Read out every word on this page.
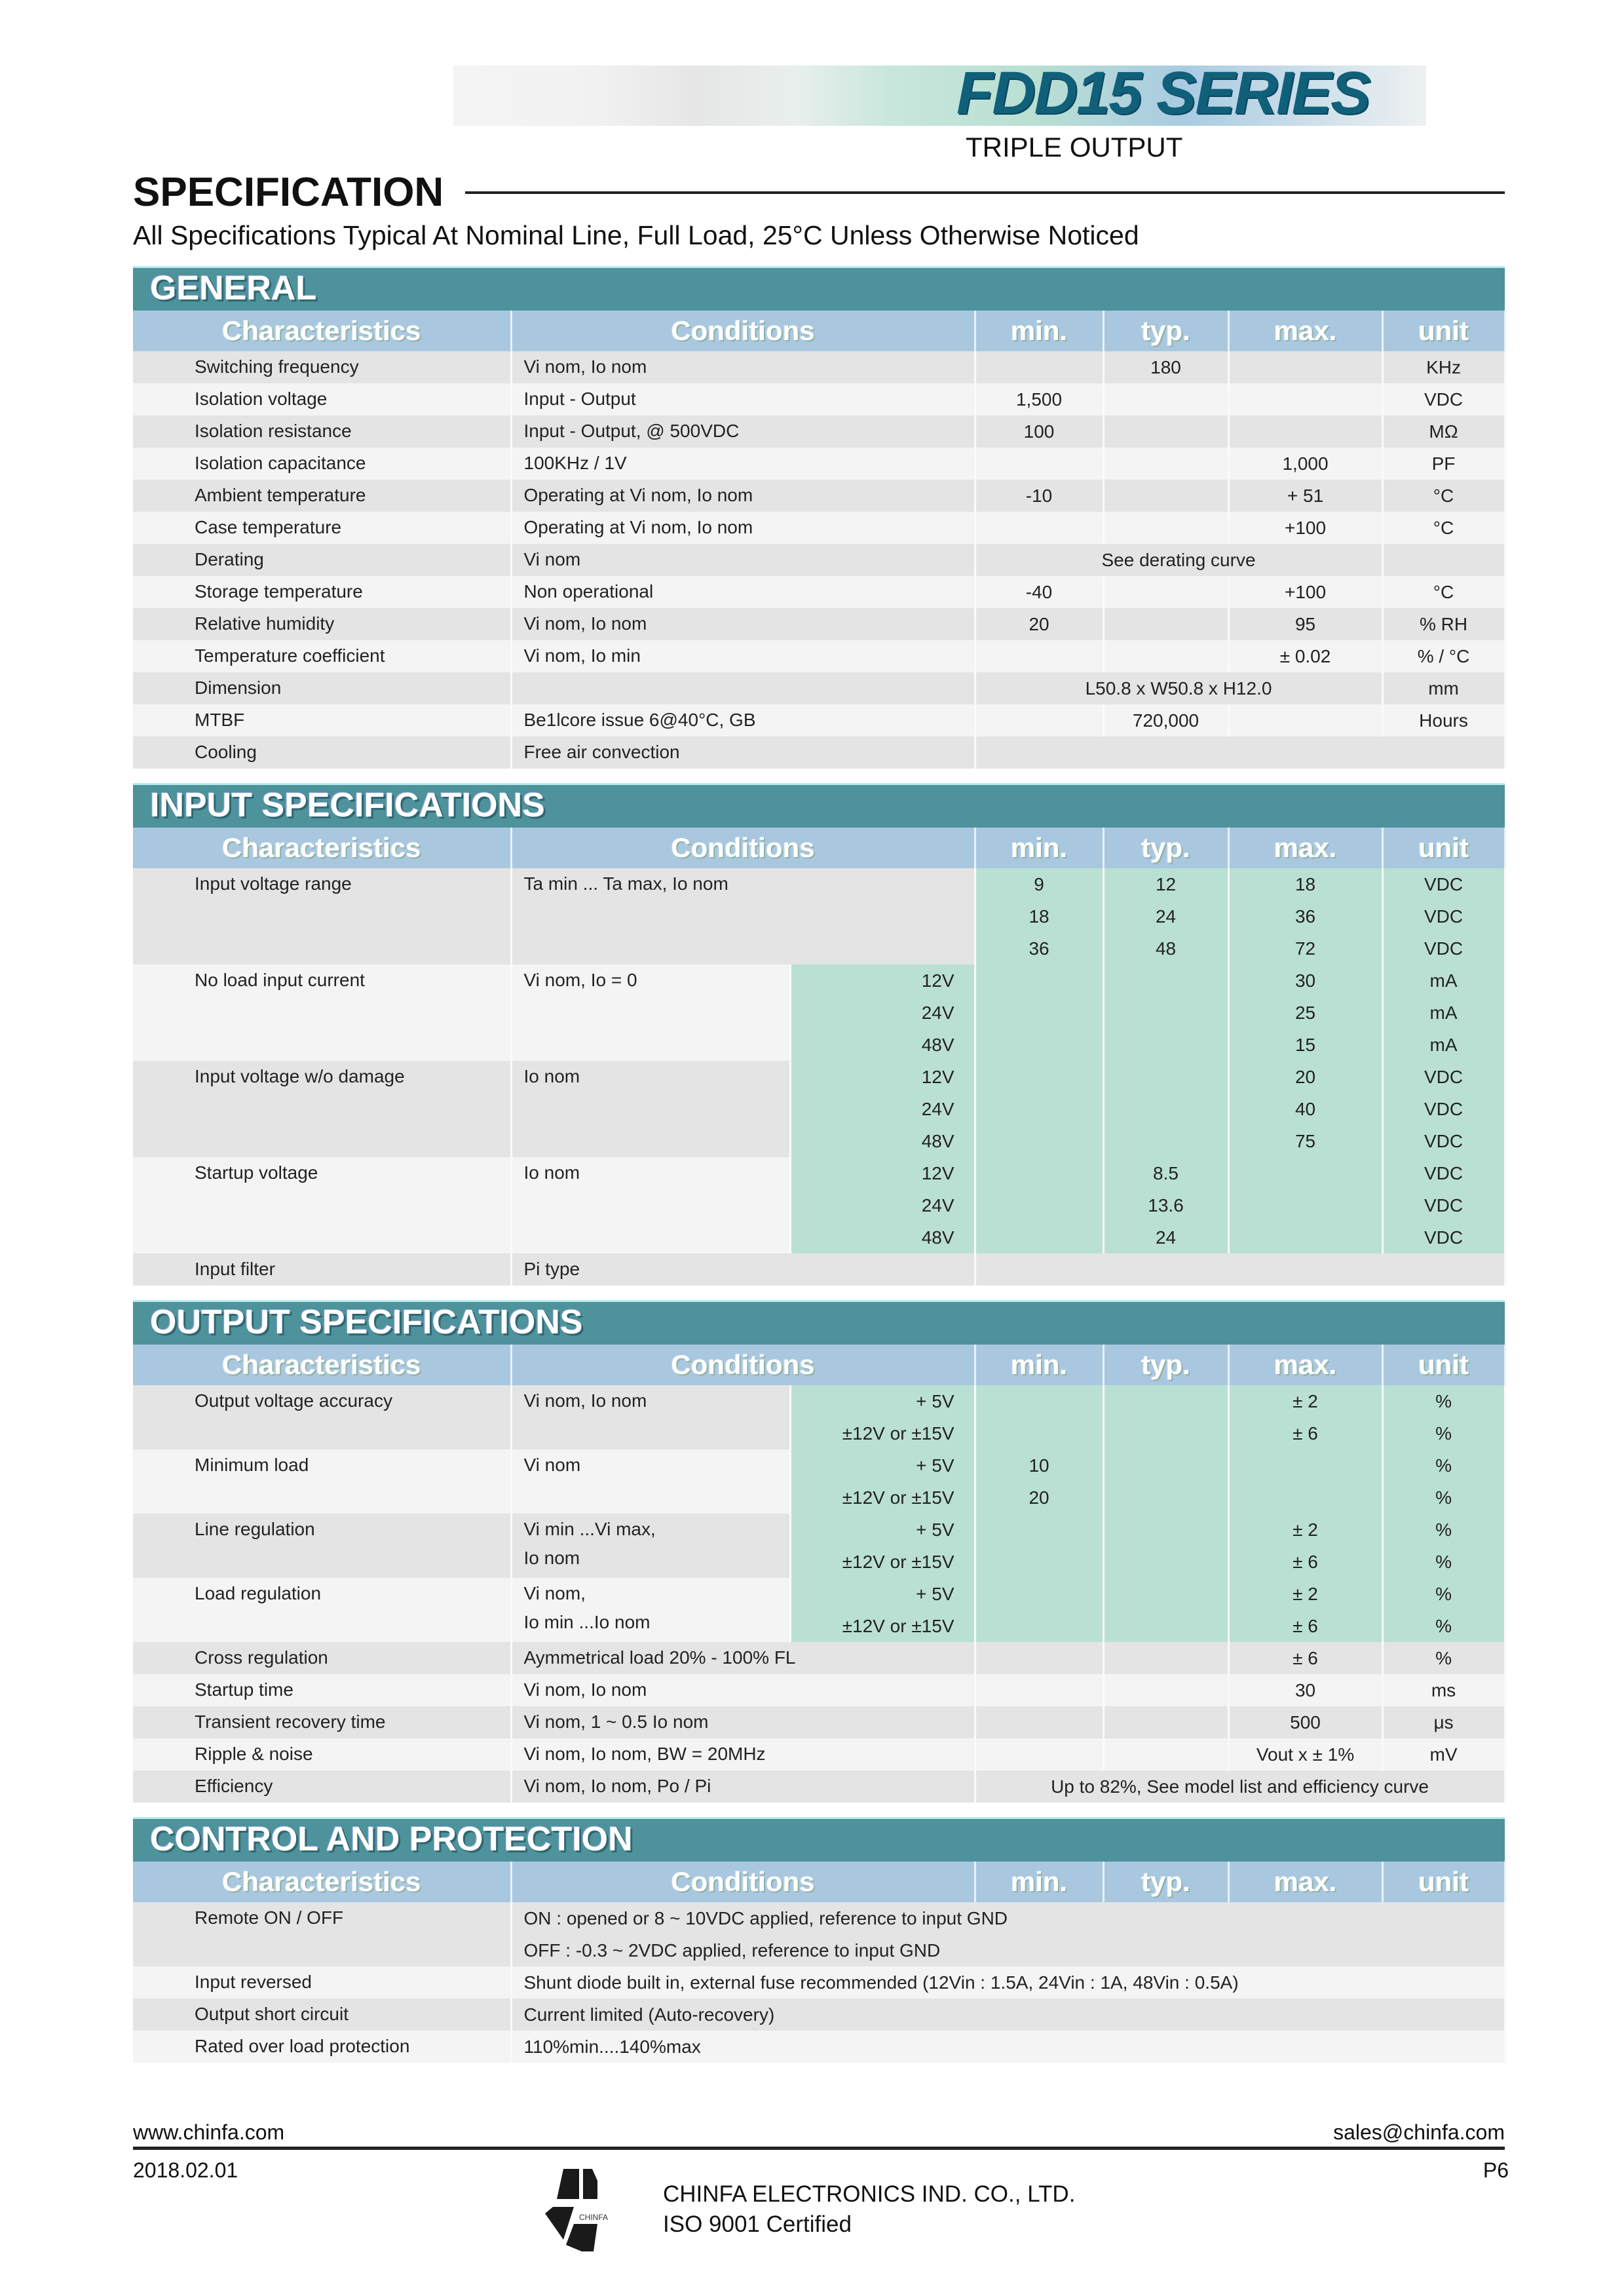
FDD15 SERIES
TRIPLE OUTPUT
SPECIFICATION
All Specifications Typical At Nominal Line, Full Load, 25°C Unless Otherwise Noticed
GENERAL
Characteristics	Conditions	min.	typ.	max.	unit
Switching frequency	Vi nom, Io nom		180		KHz
Isolation voltage	Input - Output	1,500			VDC
Isolation resistance	Input - Output, @ 500VDC	100			MΩ
Isolation capacitance	100KHz / 1V			1,000	PF
Ambient temperature	Operating at Vi nom, Io nom	-10		+ 51	°C
Case temperature	Operating at Vi nom, Io nom			+100	°C
Derating	Vi nom	See derating curve			
Storage temperature	Non operational	-40		+100	°C
Relative humidity	Vi nom, Io nom	20		95	% RH
Temperature coefficient	Vi nom, Io min			± 0.02	% / °C
Dimension		L50.8 x W50.8 x H12.0			mm
MTBF	Be1lcore issue 6@40°C, GB		720,000		Hours
Cooling	Free air convection				
INPUT SPECIFICATIONS
Characteristics	Conditions		min.	typ.	max.	unit
Input voltage range	Ta min ... Ta max, Io nom		9	12	18	VDC
			18	24	36	VDC
			36	48	72	VDC
No load input current	Vi nom, Io = 0	12V			30	mA
		24V			25	mA
		48V			15	mA
Input voltage w/o damage	Io nom	12V			20	VDC
		24V			40	VDC
		48V			75	VDC
Startup voltage	Io nom	12V		8.5		VDC
		24V		13.6		VDC
		48V		24		VDC
Input filter	Pi type					
OUTPUT SPECIFICATIONS
Characteristics	Conditions		min.	typ.	max.	unit
Output voltage accuracy	Vi nom, Io nom	+ 5V			± 2	%
		±12V or ±15V			± 6	%
Minimum load	Vi nom	+ 5V	10			%
		±12V or ±15V	20			%
Line regulation	Vi min ...Vi max,
Io nom	+ 5V			± 2	%
		±12V or ±15V			± 6	%
Load regulation	Vi nom,
Io min ...Io nom	+ 5V			± 2	%
		±12V or ±15V			± 6	%
Cross regulation	Aymmetrical load 20% - 100% FL				± 6	%
Startup time	Vi nom, Io nom				30	ms
Transient recovery time	Vi nom, 1 ~ 0.5 Io nom				500	μs
Ripple & noise	Vi nom, Io nom, BW = 20MHz				Vout x ± 1%	mV
Efficiency	Vi nom, Io nom, Po / Pi		Up to 82%, See model list and efficiency curve			
CONTROL AND PROTECTION
Characteristics	Conditions	min.	typ.	max.	unit
Remote ON / OFF	ON : opened or 8 ~ 10VDC applied, reference to input GND				
	OFF : -0.3 ~ 2VDC applied, reference to input GND				
Input reversed	Shunt diode built in, external fuse recommended (12Vin : 1.5A, 24Vin : 1A, 48Vin : 0.5A)				
Output short circuit	Current limited (Auto-recovery)				
Rated over load protection	110%min....140%max				
www.chinfa.com	sales@chinfa.com
2018.02.01	P6
CHINFA
CHINFA ELECTRONICS IND. CO., LTD.
ISO 9001 Certified
